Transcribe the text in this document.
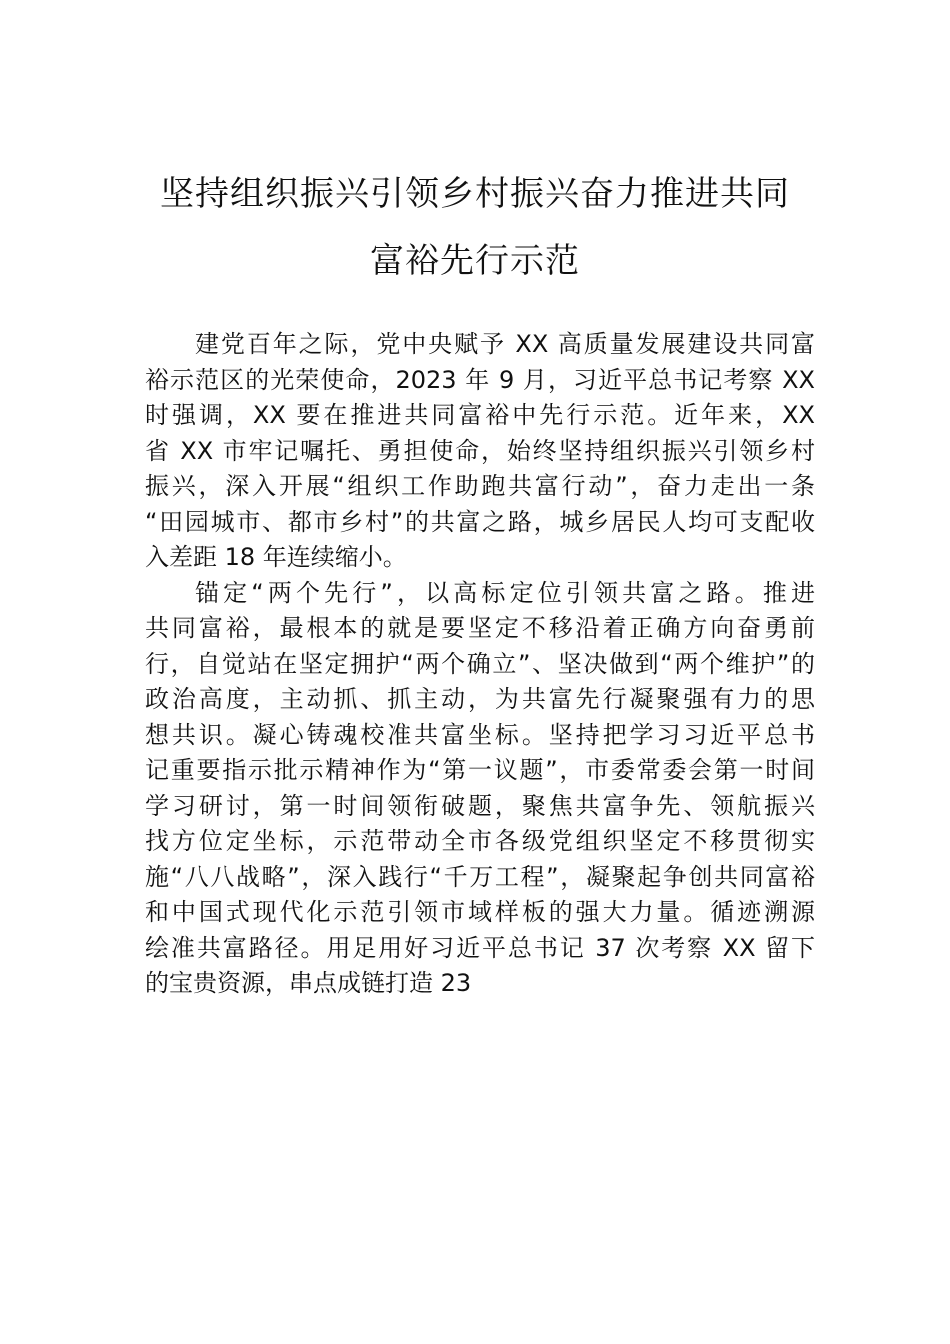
坚持组织振兴引领乡村振兴奋力推进共同
富裕先行示范
建党百年之际，党中央赋予 XX 高质量发展建设共同富
裕示范区的光荣使命，2023 年 9 月，习近平总书记考察 XX
时强调，XX 要在推进共同富裕中先行示范。近年来，XX
省 XX 市牢记嘱托、勇担使命，始终坚持组织振兴引领乡村
振兴，深入开展“组织工作助跑共富行动”，奋力走出一条
“田园城市、都市乡村”的共富之路，城乡居民人均可支配收
入差距 18 年连续缩小。
锚定“两个先行”，以高标定位引领共富之路。推进
共同富裕，最根本的就是要坚定不移沿着正确方向奋勇前
行，自觉站在坚定拥护“两个确立”、坚决做到“两个维护”的
政治高度，主动抓、抓主动，为共富先行凝聚强有力的思
想共识。凝心铸魂校准共富坐标。坚持把学习习近平总书
记重要指示批示精神作为“第一议题”，市委常委会第一时间
学习研讨，第一时间领衔破题，聚焦共富争先、领航振兴
找方位定坐标，示范带动全市各级党组织坚定不移贯彻实
施“八八战略”，深入践行“千万工程”，凝聚起争创共同富裕
和中国式现代化示范引领市域样板的强大力量。循迹溯源
绘准共富路径。用足用好习近平总书记 37 次考察 XX 留下
的宝贵资源，串点成链打造 23
